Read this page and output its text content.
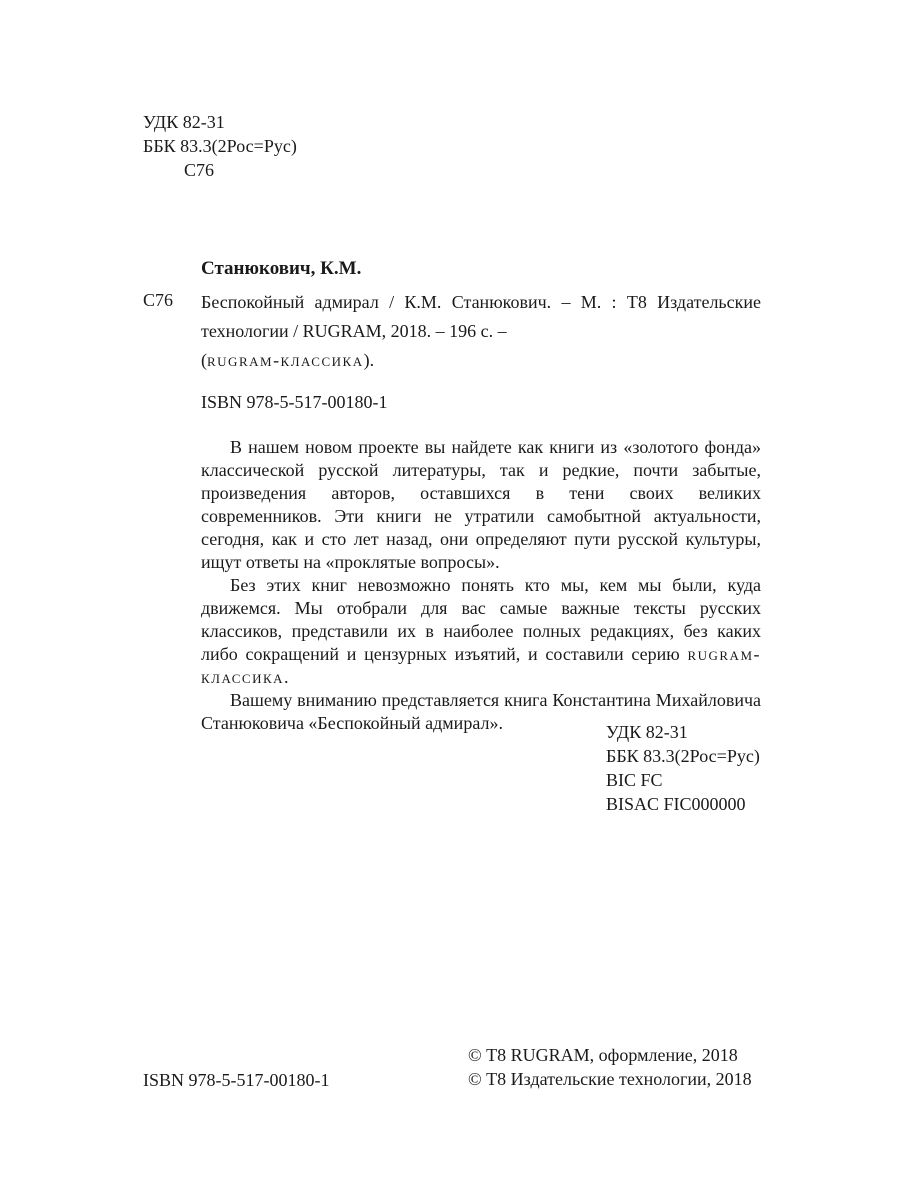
УДК 82-31
ББК 83.3(2Рос=Рус)
С76
Станюкович, К.М.
С76 Беспокойный адмирал / К.М. Станюкович. – М. : Т8 Издательские технологии / RUGRAM, 2018. – 196 с. –
(rugram-классика).
ISBN 978-5-517-00180-1

В нашем новом проекте вы найдете как книги из «золотого фонда» классической русской литературы, так и редкие, почти забытые, произведения авторов, оставшихся в тени своих великих современников. Эти книги не утратили самобытной актуальности, сегодня, как и сто лет назад, они определяют пути русской культуры, ищут ответы на «проклятые вопросы».

Без этих книг невозможно понять кто мы, кем мы были, куда движемся. Мы отобрали для вас самые важные тексты русских классиков, представили их в наиболее полных редакциях, без каких либо сокращений и цензурных изъятий, и составили серию rugram-классика.

Вашему вниманию представляется книга Константина Михайловича Станюковича «Беспокойный адмирал».	УДК 82-31
ББК 83.3(2Рос=Рус)
BIC FC
BISAC FIC000000
ISBN 978-5-517-00180-1
© Т8 RUGRAM, оформление, 2018
© Т8 Издательские технологии, 2018
